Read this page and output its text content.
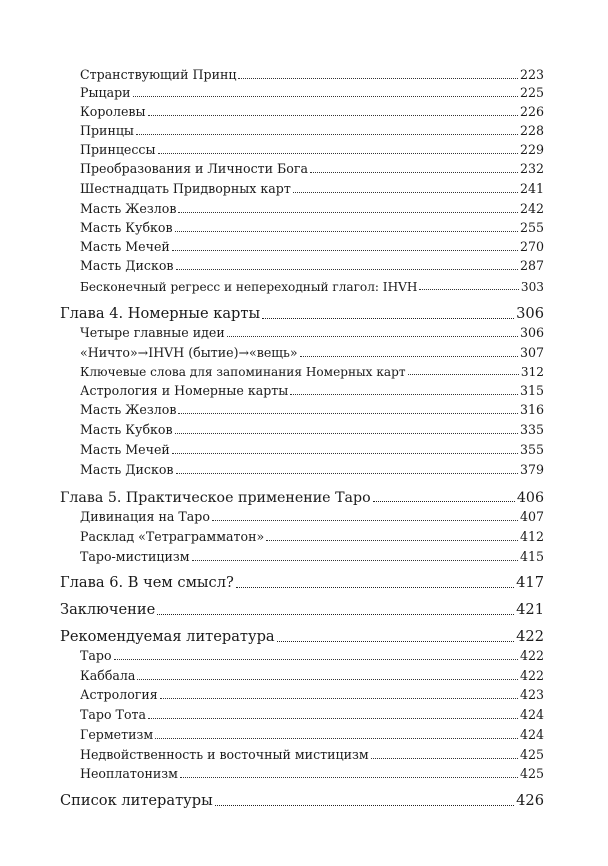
Странствующий Принц	223
Рыцари	225
Королевы	226
Принцы	228
Принцессы	229
Преобразования и Личности Бога	232
Шестнадцать Придворных карт	241
Масть Жезлов	242
Масть Кубков	255
Масть Мечей	270
Масть Дисков	287
Бесконечный регресс и непереходный глагол: IHVH	303
Глава 4. Номерные карты	306
Четыре главные идеи	306
«Ничто»→IHVH (бытие)→«вещь»	307
Ключевые слова для запоминания Номерных карт	312
Астрология и Номерные карты	315
Масть Жезлов	316
Масть Кубков	335
Масть Мечей	355
Масть Дисков	379
Глава 5. Практическое применение Таро	406
Дивинация на Таро	407
Расклад «Тетраграмматон»	412
Таро-мистицизм	415
Глава 6. В чем смысл?	417
Заключение	421
Рекомендуемая литература	422
Таро	422
Каббала	422
Астрология	423
Таро Тота	424
Герметизм	424
Недвойственность и восточный мистицизм	425
Неоплатонизм	425
Список литературы	426
